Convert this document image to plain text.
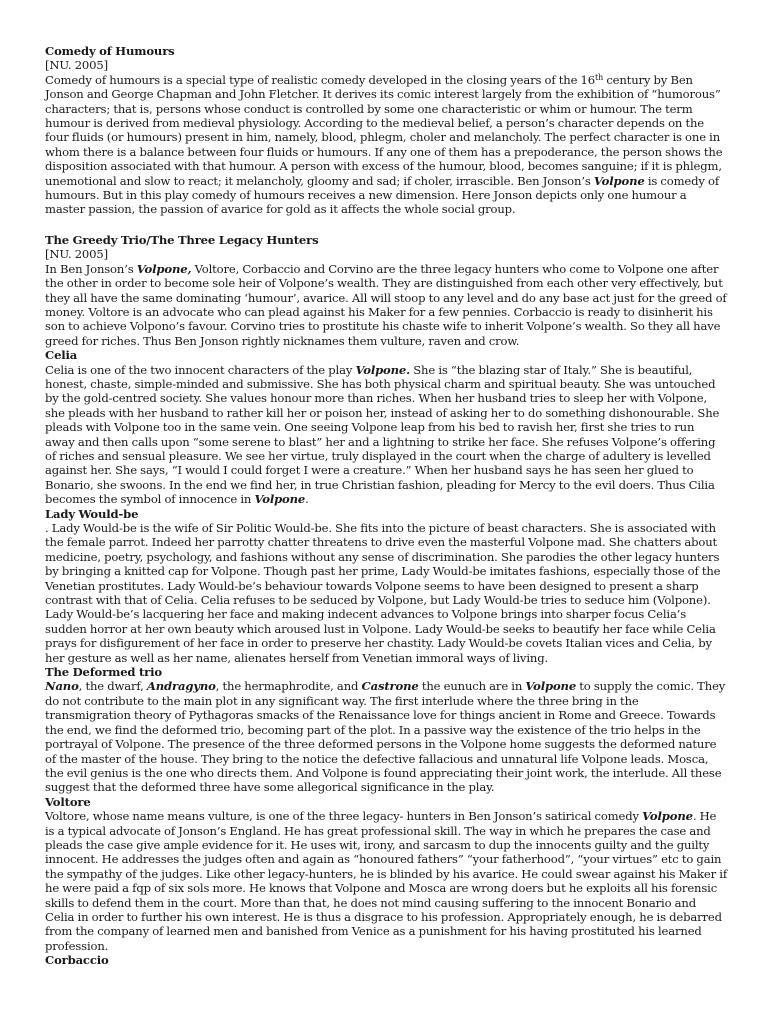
Comedy of Humours

[NU. 2005]

Comedy of humours is a special type of realistic comedy developed in the closing years of the 16th century by Ben Jonson and George Chapman and John Fletcher. It derives its comic interest largely from the exhibition of “humorous” characters; that is, persons whose conduct is controlled by some one characteristic or whim or humour. The term humour is derived from medieval physiology. According to the medieval belief, a person’s character depends on the four fluids (or humours) present in him, namely, blood, phlegm, choler and melancholy. The perfect character is one in whom there is a balance between four fluids or humours. If any one of them has a prepoderance, the person shows the disposition associated with that humour. A person with excess of the humour, blood, becomes sanguine; if it is phlegm, unemotional and slow to react; it melancholy, gloomy and sad; if choler, irrascible. Ben Jonson’s Volpone is comedy of humours. But in this play comedy of humours receives a new dimension. Here Jonson depicts only one humour a master passion, the passion of avarice for gold as it affects the whole social group.

The Greedy Trio/The Three Legacy Hunters

[NU. 2005]

In Ben Jonson’s Volpone, Voltore, Corbaccio and Corvino are the three legacy hunters who come to Volpone one after the other in order to become sole heir of Volpone’s wealth. They are distinguished from each other very effectively, but they all have the same dominating ‘humour’, avarice. All will stoop to any level and do any base act just for the greed of money. Voltore is an advocate who can plead against his Maker for a few pennies. Corbaccio is ready to disinherit his son to achieve Volpono’s favour. Corvino tries to prostitute his chaste wife to inherit Volpone’s wealth. So they all have greed for riches. Thus Ben Jonson rightly nicknames them vulture, raven and crow.

Celia

Celia is one of the two innocent characters of the play Volpone. She is “the blazing star of Italy.” She is beautiful, honest, chaste, simple-minded and submissive. She has both physical charm and spiritual beauty. She was untouched by the gold-centred society. She values honour more than riches. When her husband tries to sleep her with Volpone, she pleads with her husband to rather kill her or poison her, instead of asking her to do something dishonourable. She pleads with Volpone too in the same vein. One seeing Volpone leap from his bed to ravish her, first she tries to run away and then calls upon “some serene to blast” her and a lightning to strike her face. She refuses Volpone’s offering of riches and sensual pleasure. We see her virtue, truly displayed in the court when the charge of adultery is levelled against her. She says, “I would I could forget I were a creature.” When her husband says he has seen her glued to Bonario, she swoons. In the end we find her, in true Christian fashion, pleading for Mercy to the evil doers. Thus Cilia becomes the symbol of innocence in Volpone.

Lady Would-be

. Lady Would-be is the wife of Sir Politic Would-be. She fits into the picture of beast characters. She is associated with the female parrot. Indeed her parrotty chatter threatens to drive even the masterful Volpone mad. She chatters about medicine, poetry, psychology, and fashions without any sense of discrimination. She parodies the other legacy hunters by bringing a knitted cap for Volpone. Though past her prime, Lady Would-be imitates fashions, especially those of the Venetian prostitutes. Lady Would-be’s behaviour towards Volpone seems to have been designed to present a sharp contrast with that of Celia. Celia refuses to be seduced by Volpone, but Lady Would-be tries to seduce him (Volpone). Lady Would-be’s lacquering her face and making indecent advances to Volpone brings into sharper focus Celia’s sudden horror at her own beauty which aroused lust in Volpone. Lady Would-be seeks to beautify her face while Celia prays for disfigurement of her face in order to preserve her chastity. Lady Would-be covets Italian vices and Celia, by her gesture as well as her name, alienates herself from Venetian immoral ways of living.

The Deformed trio

Nano, the dwarf, Andragyno, the hermaphrodite, and Castrone the eunuch are in Volpone to supply the comic. They do not contribute to the main plot in any significant way. The first interlude where the three bring in the transmigration theory of Pythagoras smacks of the Renaissance love for things ancient in Rome and Greece. Towards the end, we find the deformed trio, becoming part of the plot. In a passive way the existence of the trio helps in the portrayal of Volpone. The presence of the three deformed persons in the Volpone home suggests the deformed nature of the master of the house. They bring to the notice the defective fallacious and unnatural life Volpone leads. Mosca, the evil genius is the one who directs them. And Volpone is found appreciating their joint work, the interlude. All these suggest that the deformed three have some allegorical significance in the play.

Voltore

Voltore, whose name means vulture, is one of the three legacy- hunters in Ben Jonson’s satirical comedy Volpone. He is a typical advocate of Jonson’s England. He has great professional skill. The way in which he prepares the case and pleads the case give ample evidence for it. He uses wit, irony, and sarcasm to dup the innocents guilty and the guilty innocent. He addresses the judges often and again as “honoured fathers” “your fatherhood”, “your virtues” etc to gain the sympathy of the judges. Like other legacy-hunters, he is blinded by his avarice. He could swear against his Maker if he were paid a fqp of six sols more. He knows that Volpone and Mosca are wrong doers but he exploits all his forensic skills to defend them in the court. More than that, he does not mind causing suffering to the innocent Bonario and Celia in order to further his own interest. He is thus a disgrace to his profession. Appropriately enough, he is debarred from the company of learned men and banished from Venice as a punishment for his having prostituted his learned profession.

Corbaccio
